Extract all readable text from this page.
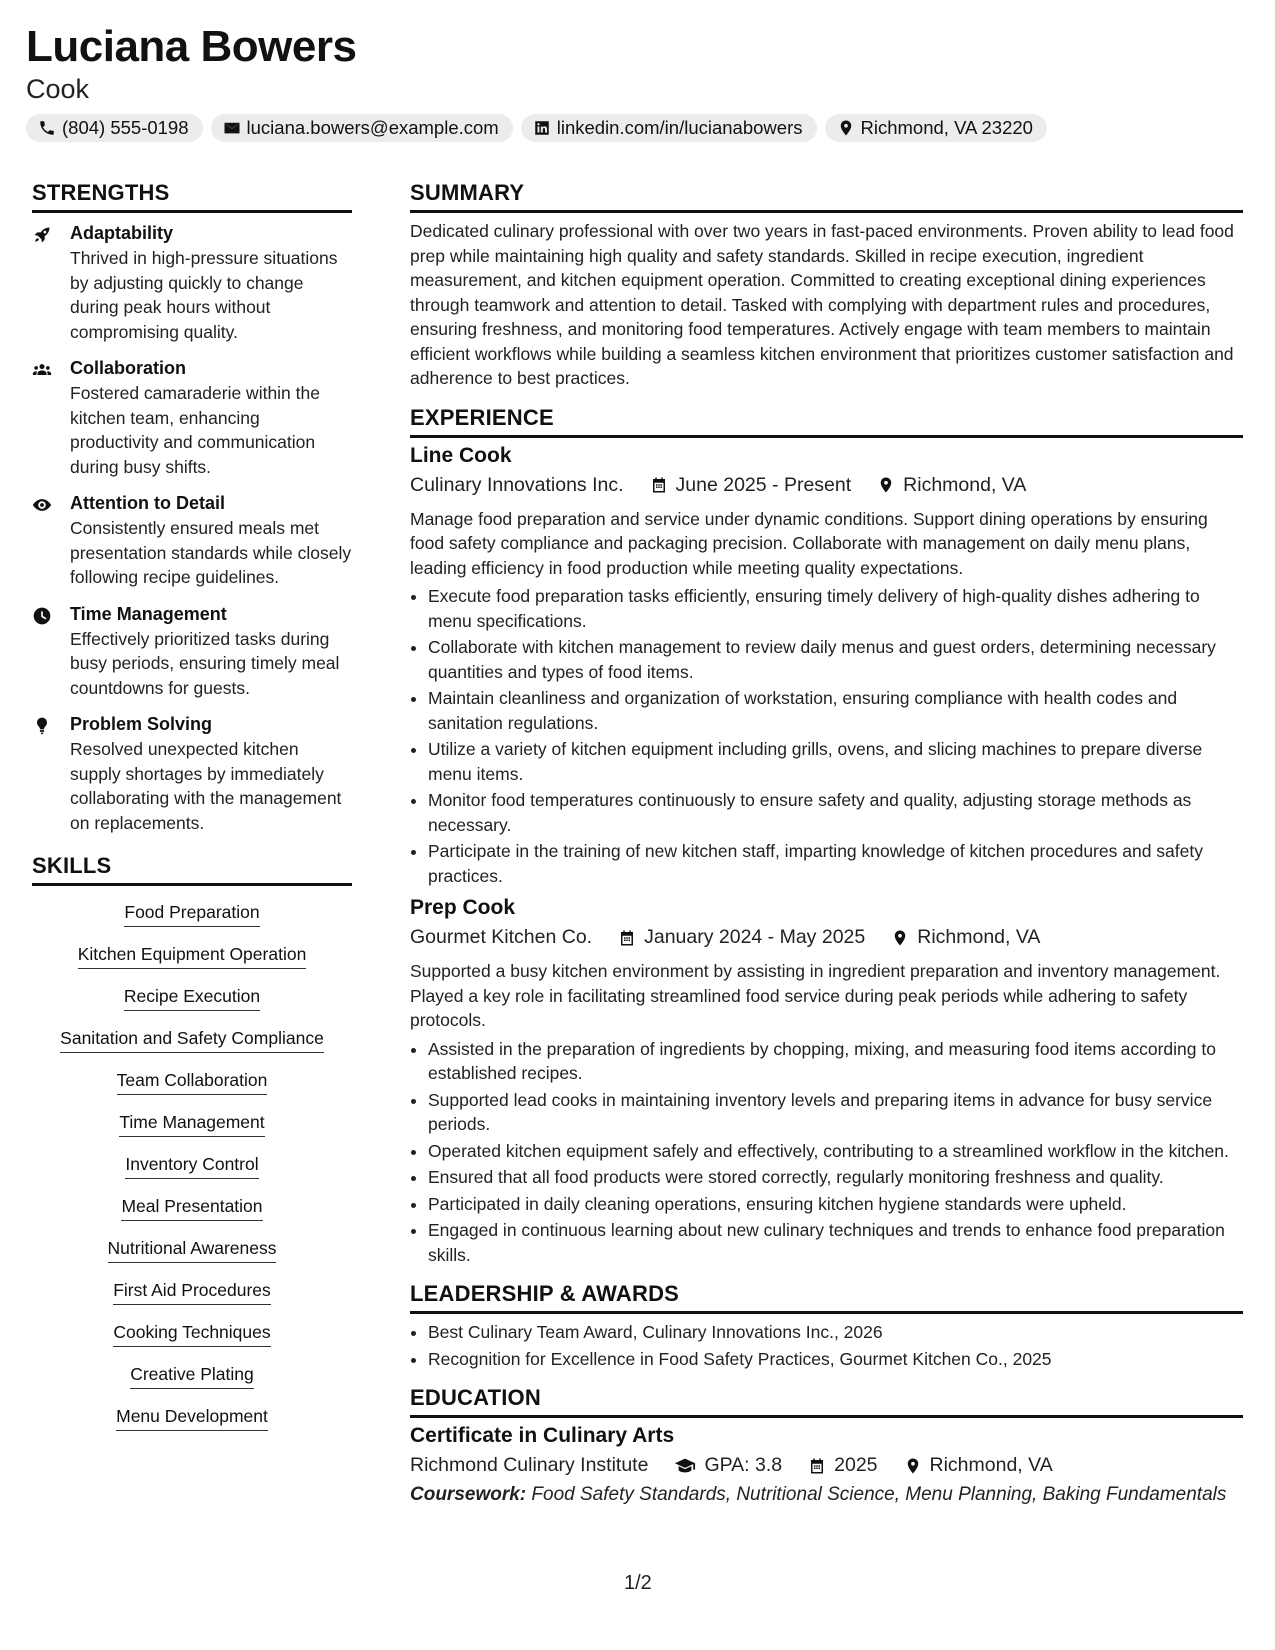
Luciana Bowers
Cook
(804) 555-0198	luciana.bowers@example.com	linkedin.com/in/lucianabowers	Richmond, VA 23220
STRENGTHS
Adaptability
Thrived in high-pressure situations by adjusting quickly to change during peak hours without compromising quality.
Collaboration
Fostered camaraderie within the kitchen team, enhancing productivity and communication during busy shifts.
Attention to Detail
Consistently ensured meals met presentation standards while closely following recipe guidelines.
Time Management
Effectively prioritized tasks during busy periods, ensuring timely meal countdowns for guests.
Problem Solving
Resolved unexpected kitchen supply shortages by immediately collaborating with the management on replacements.
SKILLS
Food Preparation
Kitchen Equipment Operation
Recipe Execution
Sanitation and Safety Compliance
Team Collaboration
Time Management
Inventory Control
Meal Presentation
Nutritional Awareness
First Aid Procedures
Cooking Techniques
Creative Plating
Menu Development
SUMMARY

Dedicated culinary professional with over two years in fast-paced environments. Proven ability to lead food prep while maintaining high quality and safety standards. Skilled in recipe execution, ingredient measurement, and kitchen equipment operation. Committed to creating exceptional dining experiences through teamwork and attention to detail. Tasked with complying with department rules and procedures, ensuring freshness, and monitoring food temperatures. Actively engage with team members to maintain efficient workflows while building a seamless kitchen environment that prioritizes customer satisfaction and adherence to best practices.

EXPERIENCE
Line Cook
Culinary Innovations Inc.	June 2025 - Present	Richmond, VA

Manage food preparation and service under dynamic conditions. Support dining operations by ensuring food safety compliance and packaging precision. Collaborate with management on daily menu plans, leading efficiency in food production while meeting quality expectations.

• Execute food preparation tasks efficiently, ensuring timely delivery of high-quality dishes adhering to menu specifications.
• Collaborate with kitchen management to review daily menus and guest orders, determining necessary quantities and types of food items.
• Maintain cleanliness and organization of workstation, ensuring compliance with health codes and sanitation regulations.
• Utilize a variety of kitchen equipment including grills, ovens, and slicing machines to prepare diverse menu items.
• Monitor food temperatures continuously to ensure safety and quality, adjusting storage methods as necessary.
• Participate in the training of new kitchen staff, imparting knowledge of kitchen procedures and safety practices.
Prep Cook
Gourmet Kitchen Co.	January 2024 - May 2025	Richmond, VA

Supported a busy kitchen environment by assisting in ingredient preparation and inventory management. Played a key role in facilitating streamlined food service during peak periods while adhering to safety protocols.

• Assisted in the preparation of ingredients by chopping, mixing, and measuring food items according to established recipes.
• Supported lead cooks in maintaining inventory levels and preparing items in advance for busy service periods.
• Operated kitchen equipment safely and effectively, contributing to a streamlined workflow in the kitchen.
• Ensured that all food products were stored correctly, regularly monitoring freshness and quality.
• Participated in daily cleaning operations, ensuring kitchen hygiene standards were upheld.
• Engaged in continuous learning about new culinary techniques and trends to enhance food preparation skills.
LEADERSHIP & AWARDS
• Best Culinary Team Award, Culinary Innovations Inc., 2026
• Recognition for Excellence in Food Safety Practices, Gourmet Kitchen Co., 2025
EDUCATION
Certificate in Culinary Arts
Richmond Culinary Institute	GPA: 3.8	2025	Richmond, VA
Coursework: Food Safety Standards, Nutritional Science, Menu Planning, Baking Fundamentals
1/2
